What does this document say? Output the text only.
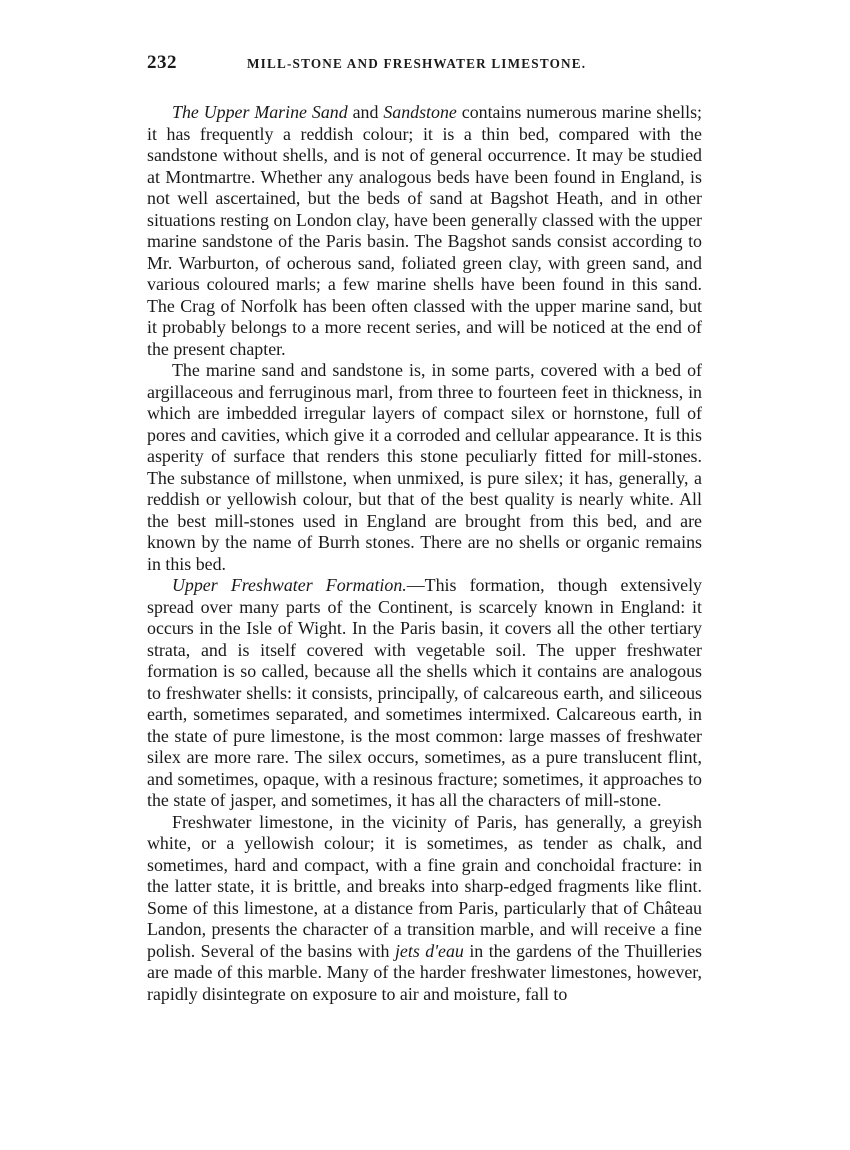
232	MILL-STONE AND FRESHWATER LIMESTONE.

The Upper Marine Sand and Sandstone contains numerous marine shells; it has frequently a reddish colour; it is a thin bed, compared with the sandstone without shells, and is not of general occurrence. It may be studied at Montmartre. Whether any analogous beds have been found in England, is not well ascertained, but the beds of sand at Bagshot Heath, and in other situations resting on London clay, have been generally classed with the upper marine sandstone of the Paris basin. The Bagshot sands consist according to Mr. Warburton, of ocherous sand, foliated green clay, with green sand, and various coloured marls; a few marine shells have been found in this sand. The Crag of Norfolk has been often classed with the upper marine sand, but it probably belongs to a more recent series, and will be noticed at the end of the present chapter.

The marine sand and sandstone is, in some parts, covered with a bed of argillaceous and ferruginous marl, from three to fourteen feet in thickness, in which are imbedded irregular layers of compact silex or hornstone, full of pores and cavities, which give it a corroded and cellular appearance. It is this asperity of surface that renders this stone peculiarly fitted for mill-stones. The substance of millstone, when unmixed, is pure silex; it has, generally, a reddish or yellowish colour, but that of the best quality is nearly white. All the best mill-stones used in England are brought from this bed, and are known by the name of Burrh stones. There are no shells or organic remains in this bed.

Upper Freshwater Formation.—This formation, though extensively spread over many parts of the Continent, is scarcely known in England: it occurs in the Isle of Wight. In the Paris basin, it covers all the other tertiary strata, and is itself covered with vegetable soil. The upper freshwater formation is so called, because all the shells which it contains are analogous to freshwater shells: it consists, principally, of calcareous earth, and siliceous earth, sometimes separated, and sometimes intermixed. Calcareous earth, in the state of pure limestone, is the most common: large masses of freshwater silex are more rare. The silex occurs, sometimes, as a pure translucent flint, and sometimes, opaque, with a resinous fracture; sometimes, it approaches to the state of jasper, and sometimes, it has all the characters of mill-stone.

Freshwater limestone, in the vicinity of Paris, has generally, a greyish white, or a yellowish colour; it is sometimes, as tender as chalk, and sometimes, hard and compact, with a fine grain and conchoidal fracture: in the latter state, it is brittle, and breaks into sharp-edged fragments like flint. Some of this limestone, at a distance from Paris, particularly that of Château Landon, presents the character of a transition marble, and will receive a fine polish. Several of the basins with jets d'eau in the gardens of the Thuilleries are made of this marble. Many of the harder freshwater limestones, however, rapidly disintegrate on exposure to air and moisture, fall to
